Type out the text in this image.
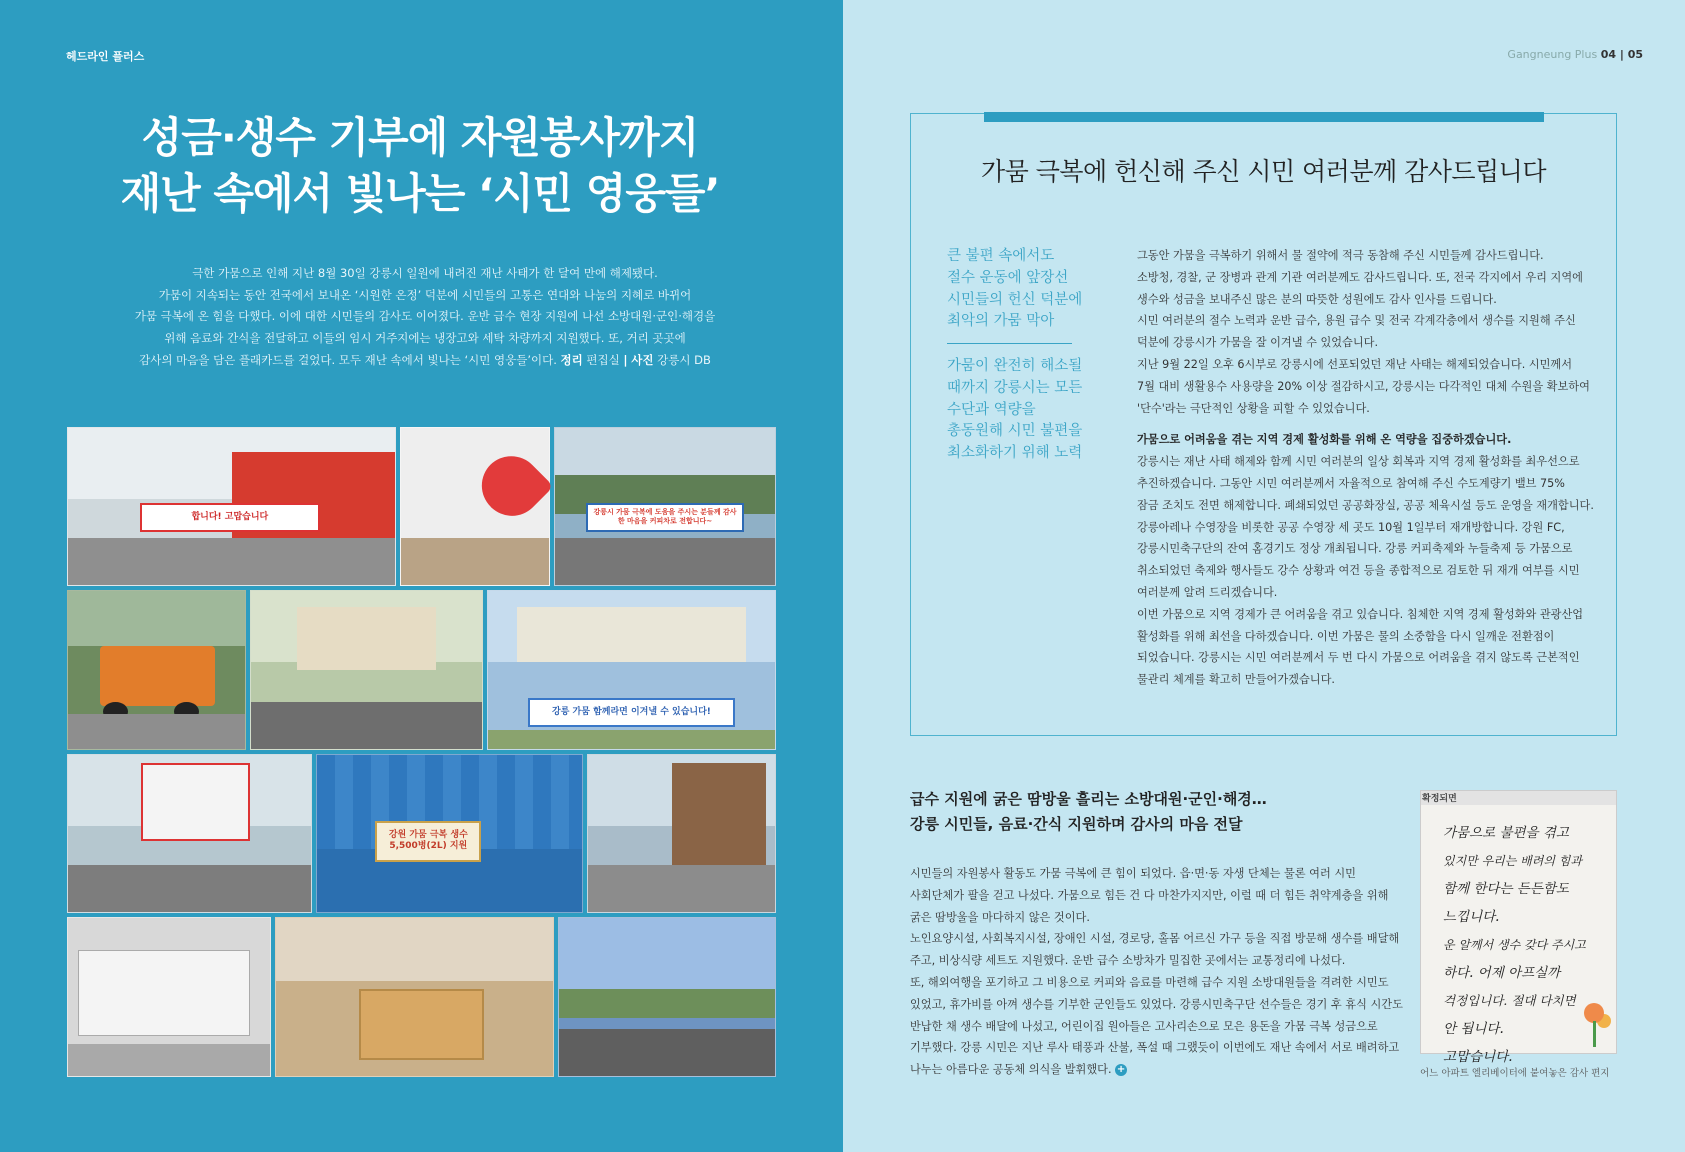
헤드라인 플러스
성금·생수 기부에 자원봉사까지
재난 속에서 빛나는 ‘시민 영웅들’
극한 가뭄으로 인해 지난 8월 30일 강릉시 일원에 내려진 재난 사태가 한 달여 만에 해제됐다.
가뭄이 지속되는 동안 전국에서 보내온 ‘시원한 온정’ 덕분에 시민들의 고통은 연대와 나눔의 지혜로 바뀌어
가뭄 극복에 온 힘을 다했다. 이에 대한 시민들의 감사도 이어졌다. 운반 급수 현장 지원에 나선 소방대원·군인·해경을
위해 음료와 간식을 전달하고 이들의 임시 거주지에는 냉장고와 세탁 차량까지 지원했다. 또, 거리 곳곳에
감사의 마음을 담은 플래카드를 걸었다. 모두 재난 속에서 빛나는 ‘시민 영웅들’이다. 정리 편집실 | 사진 강릉시 DB
합니다! 고맙습니다	강릉시 가뭄 극복에 도움을 주시는 분들께 감사한 마음을 커피차로 전합니다~
강릉 가뭄 함께라면 이겨낼 수 있습니다!
강원 가뭄 극복 생수 5,500병(2L) 지원
Gangneung Plus 04 | 05
가뭄 극복에 헌신해 주신 시민 여러분께 감사드립니다
큰 불편 속에서도
절수 운동에 앞장선
시민들의 헌신 덕분에
최악의 가뭄 막아
가뭄이 완전히 해소될
때까지 강릉시는 모든
수단과 역량을
총동원해 시민 불편을
최소화하기 위해 노력
그동안 가뭄을 극복하기 위해서 물 절약에 적극 동참해 주신 시민들께 감사드립니다.
소방청, 경찰, 군 장병과 관계 기관 여러분께도 감사드립니다. 또, 전국 각지에서 우리 지역에
생수와 성금을 보내주신 많은 분의 따뜻한 성원에도 감사 인사를 드립니다.
시민 여러분의 절수 노력과 운반 급수, 용원 급수 및 전국 각계각층에서 생수를 지원해 주신
덕분에 강릉시가 가뭄을 잘 이겨낼 수 있었습니다.
지난 9월 22일 오후 6시부로 강릉시에 선포되었던 재난 사태는 해제되었습니다. 시민께서
7월 대비 생활용수 사용량을 20% 이상 절감하시고, 강릉시는 다각적인 대체 수원을 확보하여
'단수'라는 극단적인 상황을 피할 수 있었습니다.
가뭄으로 어려움을 겪는 지역 경제 활성화를 위해 온 역량을 집중하겠습니다.
강릉시는 재난 사태 해제와 함께 시민 여러분의 일상 회복과 지역 경제 활성화를 최우선으로
추진하겠습니다. 그동안 시민 여러분께서 자율적으로 참여해 주신 수도계량기 밸브 75%
잠금 조치도 전면 해제합니다. 폐쇄되었던 공공화장실, 공공 체육시설 등도 운영을 재개합니다.
강릉아레나 수영장을 비롯한 공공 수영장 세 곳도 10월 1일부터 재개방합니다. 강원 FC,
강릉시민축구단의 잔여 홈경기도 정상 개최됩니다. 강릉 커피축제와 누들축제 등 가뭄으로
취소되었던 축제와 행사들도 강수 상황과 여건 등을 종합적으로 검토한 뒤 재개 여부를 시민
여러분께 알려 드리겠습니다.
이번 가뭄으로 지역 경제가 큰 어려움을 겪고 있습니다. 침체한 지역 경제 활성화와 관광산업
활성화를 위해 최선을 다하겠습니다. 이번 가뭄은 물의 소중함을 다시 일깨운 전환점이
되었습니다. 강릉시는 시민 여러분께서 두 번 다시 가뭄으로 어려움을 겪지 않도록 근본적인
물관리 체계를 확고히 만들어가겠습니다.
급수 지원에 굵은 땀방울 흘리는 소방대원·군인·해경…
강릉 시민들, 음료·간식 지원하며 감사의 마음 전달
시민들의 자원봉사 활동도 가뭄 극복에 큰 힘이 되었다. 읍·면·동 자생 단체는 물론 여러 시민
사회단체가 팔을 걷고 나섰다. 가뭄으로 힘든 건 다 마찬가지지만, 이럴 때 더 힘든 취약계층을 위해
굵은 땀방울을 마다하지 않은 것이다.
노인요양시설, 사회복지시설, 장애인 시설, 경로당, 홀몸 어르신 가구 등을 직접 방문해 생수를 배달해
주고, 비상식량 세트도 지원했다. 운반 급수 소방차가 밀집한 곳에서는 교통정리에 나섰다.
또, 해외여행을 포기하고 그 비용으로 커피와 음료를 마련해 급수 지원 소방대원들을 격려한 시민도
있었고, 휴가비를 아껴 생수를 기부한 군인들도 있었다. 강릉시민축구단 선수들은 경기 후 휴식 시간도
반납한 채 생수 배달에 나섰고, 어린이집 원아들은 고사리손으로 모은 용돈을 가뭄 극복 성금으로
기부했다. 강릉 시민은 지난 루사 태풍과 산불, 폭설 때 그랬듯이 이번에도 재난 속에서 서로 배려하고
나누는 아름다운 공동체 의식을 발휘했다. +
확정되면
가뭄으로 불편을 겪고
있지만 우리는 배려의 힘과
함께 한다는 든든함도
느낍니다.
운 알께서 생수 갖다 주시고
하다. 어제 아프실까
걱정입니다. 절대 다치면
안 됩니다.
고맙습니다.
어느 아파트 엘리베이터에 붙여놓은 감사 편지
